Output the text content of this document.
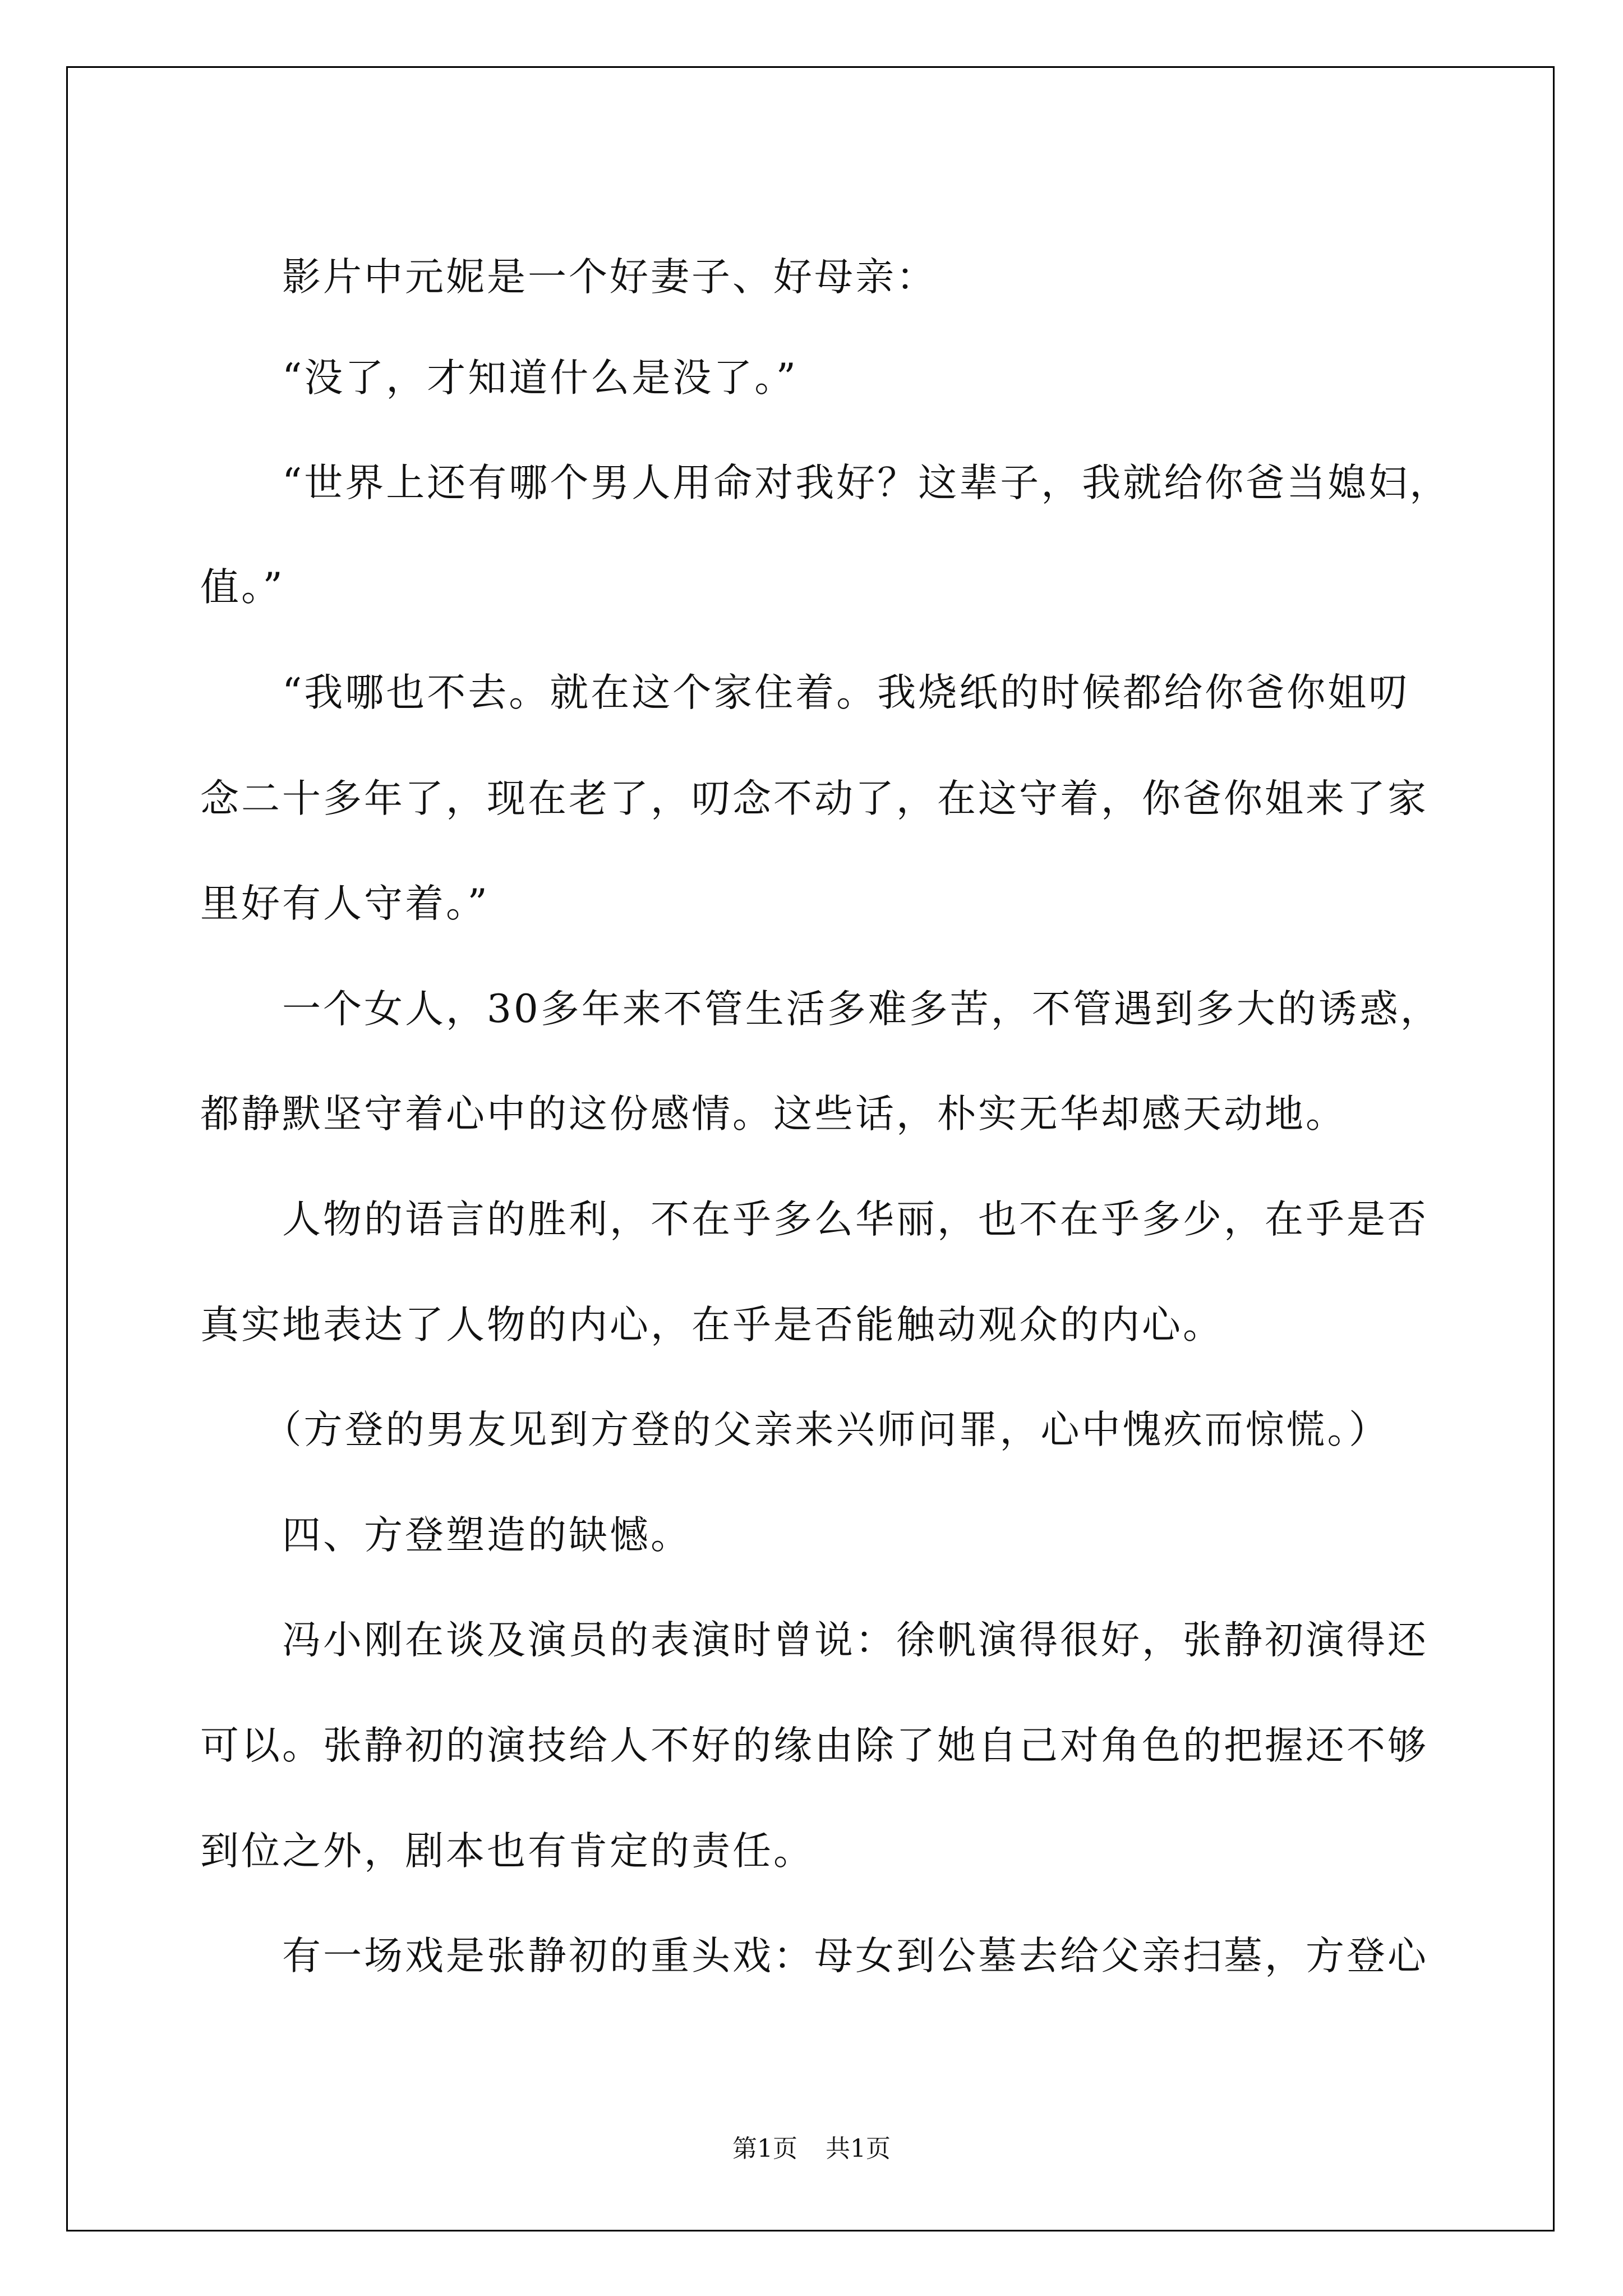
　　影片中元妮是一个好妻子、好母亲：
　　“没了，才知道什么是没了。”
　　“世界上还有哪个男人用命对我好？这辈子，我就给你爸当媳妇，
值。”
　　“我哪也不去。就在这个家住着。我烧纸的时候都给你爸你姐叨
念二十多年了，现在老了，叨念不动了，在这守着，你爸你姐来了家
里好有人守着。”
　　一个女人，30多年来不管生活多难多苦，不管遇到多大的诱惑，
都静默坚守着心中的这份感情。这些话，朴实无华却感天动地。
　　人物的语言的胜利，不在乎多么华丽，也不在乎多少，在乎是否
真实地表达了人物的内心，在乎是否能触动观众的内心。
　　（方登的男友见到方登的父亲来兴师问罪，心中愧疚而惊慌。）
　　四、方登塑造的缺憾。
　　冯小刚在谈及演员的表演时曾说：徐帆演得很好，张静初演得还
可以。张静初的演技给人不好的缘由除了她自己对角色的把握还不够
到位之外，剧本也有肯定的责任。
　　有一场戏是张静初的重头戏：母女到公墓去给父亲扫墓，方登心
第1页 共1页
